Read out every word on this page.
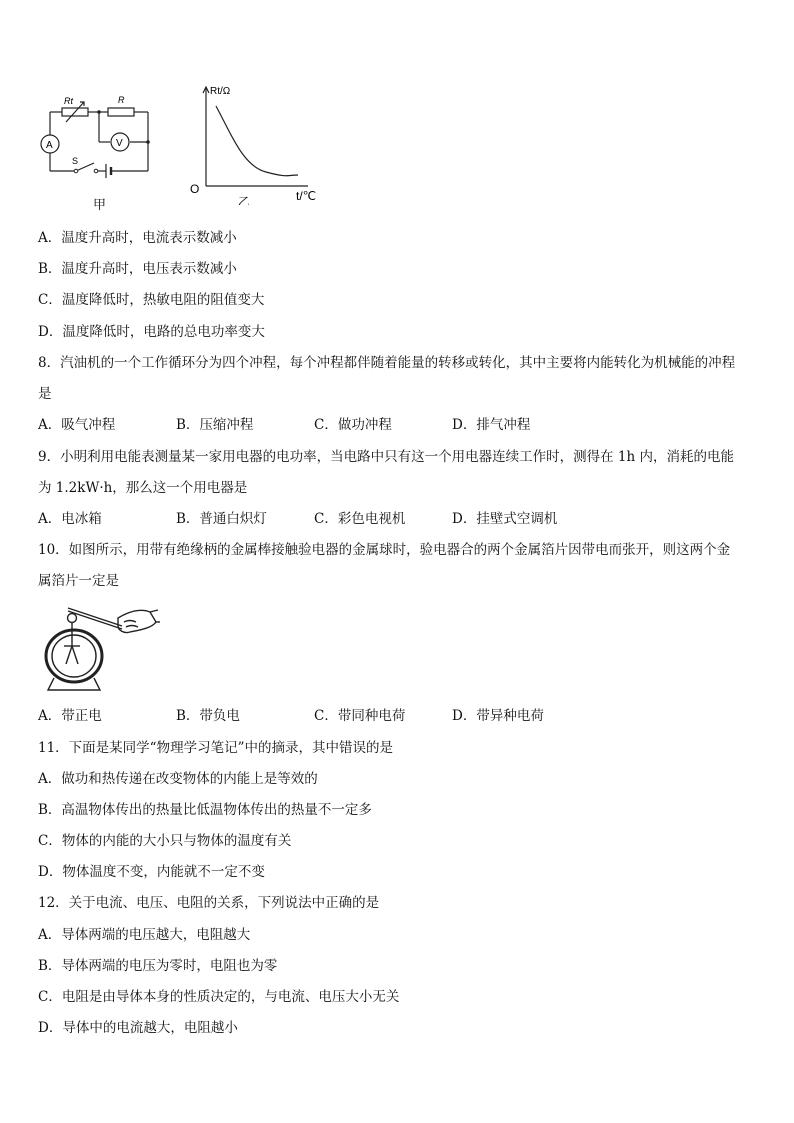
Rt	R
A	V
S
甲
Rt/Ω
O	t/℃
乙
A．温度升高时，电流表示数减小
B．温度升高时，电压表示数减小
C．温度降低时，热敏电阻的阻值变大
D．温度降低时，电路的总电功率变大
8．汽油机的一个工作循环分为四个冲程，每个冲程都伴随着能量的转移或转化，其中主要将内能转化为机械能的冲程
是
A．吸气冲程	B．压缩冲程	C．做功冲程	D．排气冲程
9．小明利用电能表测量某一家用电器的电功率，当电路中只有这一个用电器连续工作时，测得在 1h 内，消耗的电能
为 1.2kW·h，那么这一个用电器是
A．电冰箱	B．普通白炽灯	C．彩色电视机	D．挂壁式空调机
10．如图所示，用带有绝缘柄的金属棒接触验电器的金属球时，验电器合的两个金属箔片因带电而张开，则这两个金
属箔片一定是
A．带正电	B．带负电	C．带同种电荷	D．带异种电荷
11．下面是某同学“物理学习笔记”中的摘录，其中错误的是
A．做功和热传递在改变物体的内能上是等效的
B．高温物体传出的热量比低温物体传出的热量不一定多
C．物体的内能的大小只与物体的温度有关
D．物体温度不变，内能就不一定不变
12．关于电流、电压、电阻的关系，下列说法中正确的是
A．导体两端的电压越大，电阻越大
B．导体两端的电压为零时，电阻也为零
C．电阻是由导体本身的性质决定的，与电流、电压大小无关
D．导体中的电流越大，电阻越小
